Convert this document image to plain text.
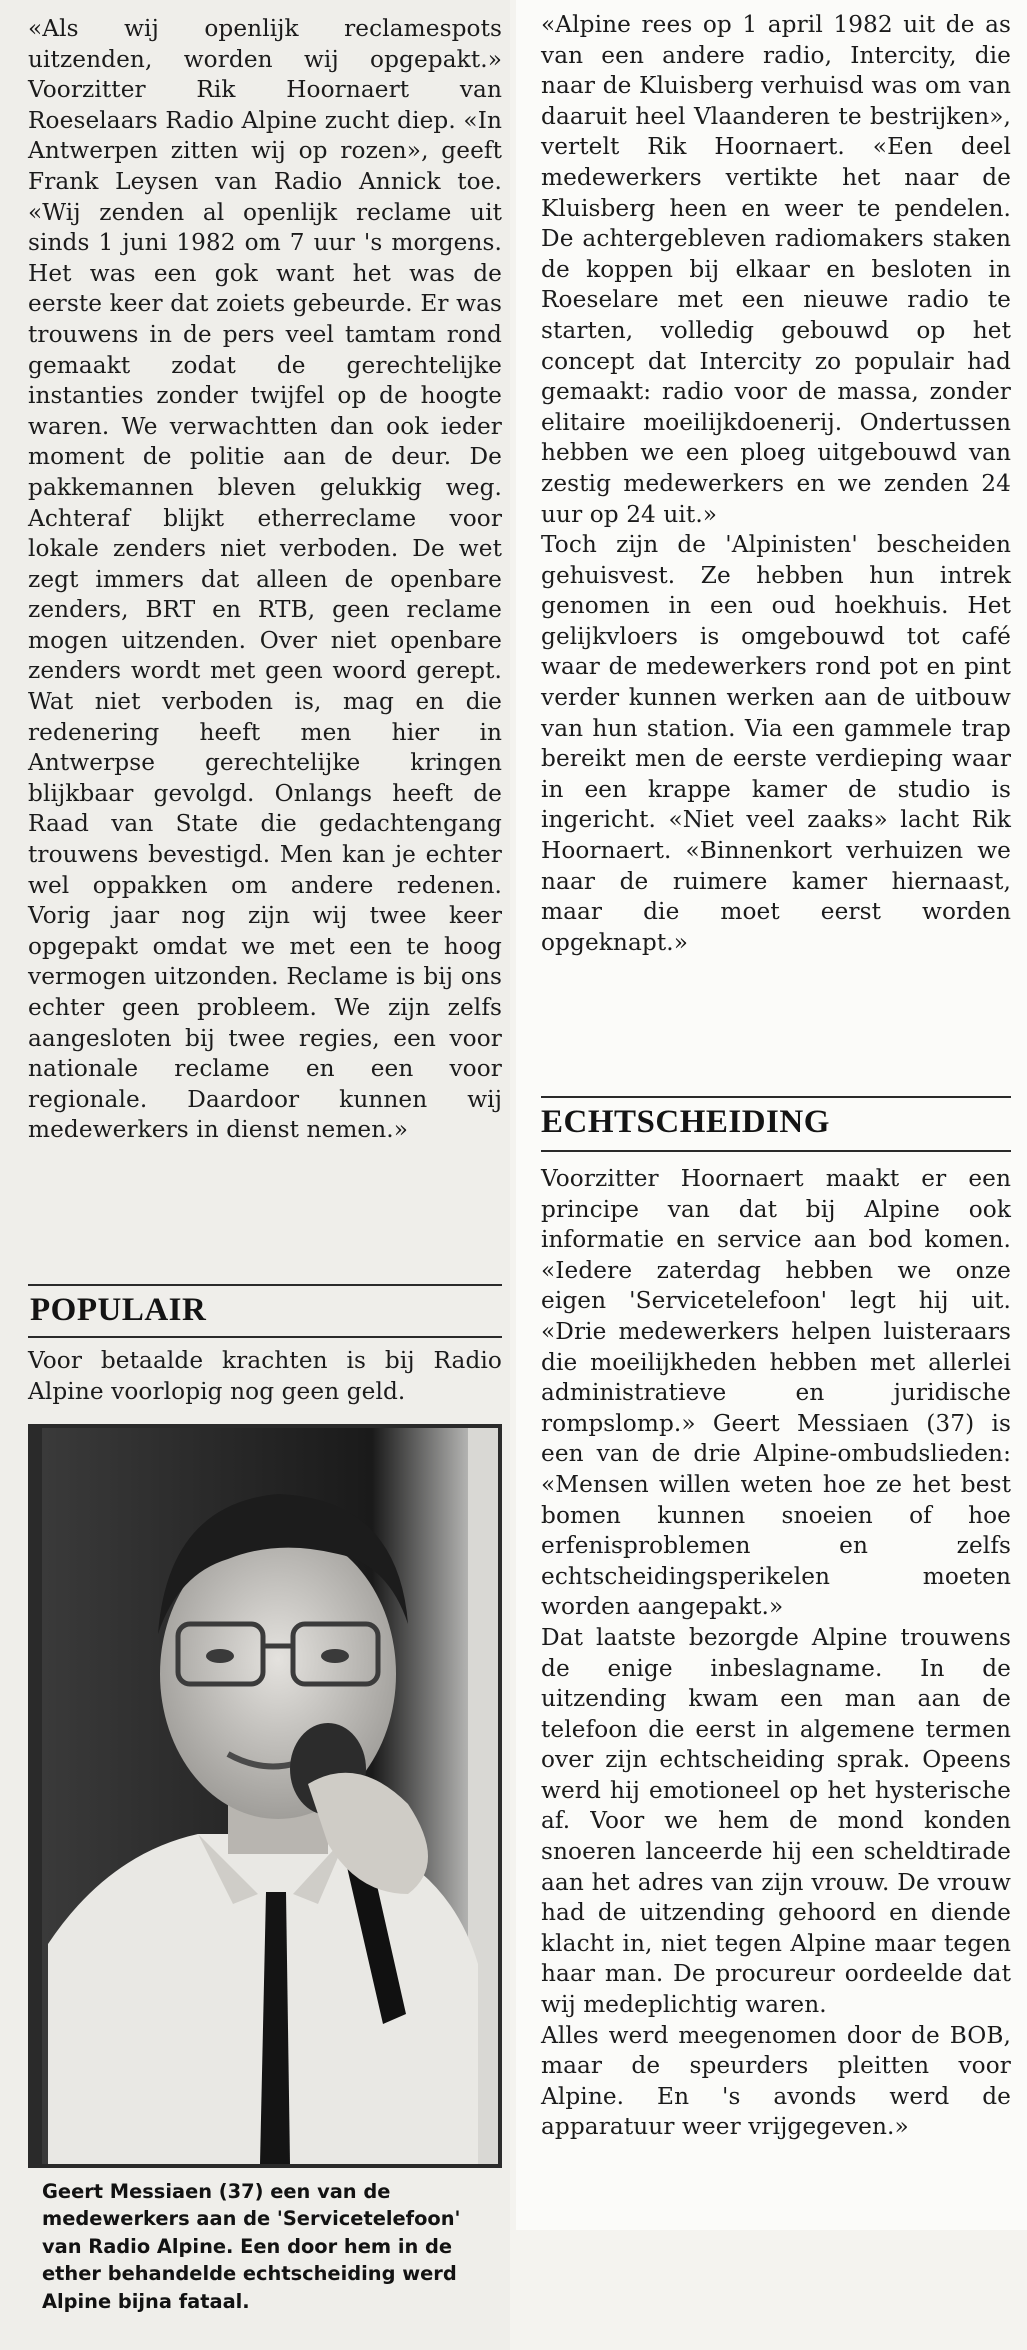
«Als wij openlijk reclamespots uitzenden, worden wij opgepakt.» Voorzitter Rik Hoornaert van Roeselaars Radio Alpine zucht diep. «In Antwerpen zitten wij op rozen», geeft Frank Leysen van Radio Annick toe. «Wij zenden al openlijk reclame uit sinds 1 juni 1982 om 7 uur 's morgens. Het was een gok want het was de eerste keer dat zoiets gebeurde. Er was trouwens in de pers veel tamtam rond gemaakt zodat de gerechtelijke instanties zonder twijfel op de hoogte waren. We verwachtten dan ook ieder moment de politie aan de deur. De pakkemannen bleven gelukkig weg. Achteraf blijkt etherreclame voor lokale zenders niet verboden. De wet zegt immers dat alleen de openbare zenders, BRT en RTB, geen reclame mogen uitzenden. Over niet openbare zenders wordt met geen woord gerept. Wat niet verboden is, mag en die redenering heeft men hier in Antwerpse gerechtelijke kringen blijkbaar gevolgd. Onlangs heeft de Raad van State die gedachtengang trouwens bevestigd. Men kan je echter wel oppakken om andere redenen. Vorig jaar nog zijn wij twee keer opgepakt omdat we met een te hoog vermogen uitzonden. Reclame is bij ons echter geen probleem. We zijn zelfs aangesloten bij twee regies, een voor nationale reclame en een voor regionale. Daardoor kunnen wij medewerkers in dienst nemen.»

POPULAIR

Voor betaalde krachten is bij Radio Alpine voorlopig nog geen geld.

Geert Messiaen (37) een van de medewerkers aan de 'Servicetelefoon' van Radio Alpine. Een door hem in de ether behandelde echtscheiding werd Alpine bijna fataal.

«Alpine rees op 1 april 1982 uit de as van een andere radio, Intercity, die naar de Kluisberg verhuisd was om van daaruit heel Vlaanderen te bestrijken», vertelt Rik Hoornaert. «Een deel medewerkers vertikte het naar de Kluisberg heen en weer te pendelen. De achtergebleven radiomakers staken de koppen bij elkaar en besloten in Roeselare met een nieuwe radio te starten, volledig gebouwd op het concept dat Intercity zo populair had gemaakt: radio voor de massa, zonder elitaire moeilijkdoenerij. Ondertussen hebben we een ploeg uitgebouwd van zestig medewerkers en we zenden 24 uur op 24 uit.»

Toch zijn de 'Alpinisten' bescheiden gehuisvest. Ze hebben hun intrek genomen in een oud hoekhuis. Het gelijkvloers is omgebouwd tot café waar de medewerkers rond pot en pint verder kunnen werken aan de uitbouw van hun station. Via een gammele trap bereikt men de eerste verdieping waar in een krappe kamer de studio is ingericht. «Niet veel zaaks» lacht Rik Hoornaert. «Binnenkort verhuizen we naar de ruimere kamer hiernaast, maar die moet eerst worden opgeknapt.»

ECHTSCHEIDING

Voorzitter Hoornaert maakt er een principe van dat bij Alpine ook informatie en service aan bod komen. «Iedere zaterdag hebben we onze eigen 'Servicetelefoon' legt hij uit. «Drie medewerkers helpen luisteraars die moeilijkheden hebben met allerlei administratieve en juridische rompslomp.» Geert Messiaen (37) is een van de drie Alpine-ombudslieden: «Mensen willen weten hoe ze het best bomen kunnen snoeien of hoe erfenisproblemen en zelfs echtscheidingsperikelen moeten worden aangepakt.»

Dat laatste bezorgde Alpine trouwens de enige inbeslagname. In de uitzending kwam een man aan de telefoon die eerst in algemene termen over zijn echtscheiding sprak. Opeens werd hij emotioneel op het hysterische af. Voor we hem de mond konden snoeren lanceerde hij een scheldtirade aan het adres van zijn vrouw. De vrouw had de uitzending gehoord en diende klacht in, niet tegen Alpine maar tegen haar man. De procureur oordeelde dat wij medeplichtig waren.

Alles werd meegenomen door de BOB, maar de speurders pleitten voor Alpine. En 's avonds werd de apparatuur weer vrijgegeven.»
